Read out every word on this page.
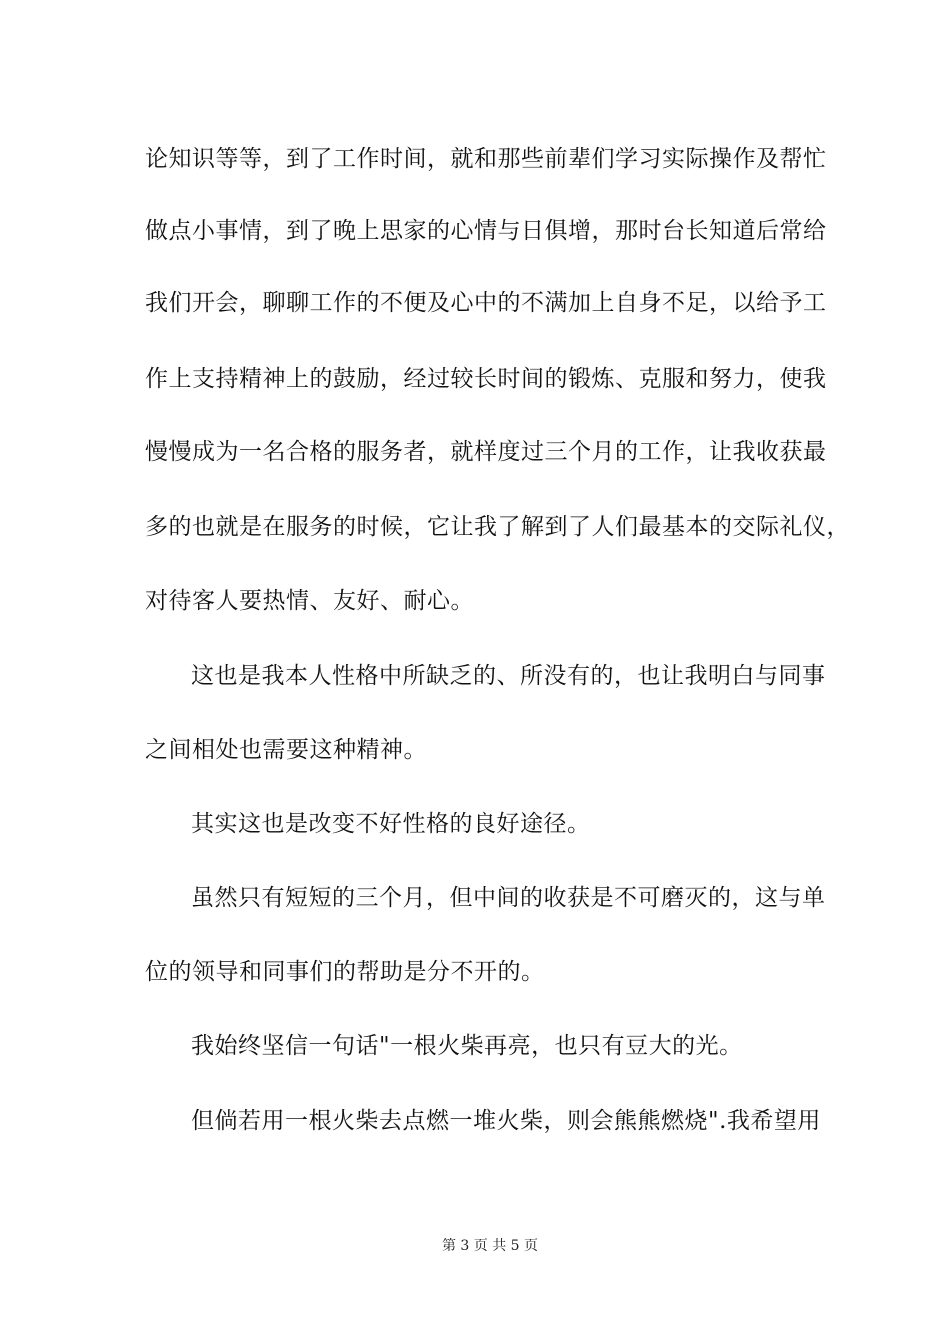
论知识等等，到了工作时间，就和那些前辈们学习实际操作及帮忙
做点小事情，到了晚上思家的心情与日俱增，那时台长知道后常给
我们开会，聊聊工作的不便及心中的不满加上自身不足，以给予工
作上支持精神上的鼓励，经过较长时间的锻炼、克服和努力，使我
慢慢成为一名合格的服务者，就样度过三个月的工作，让我收获最
多的也就是在服务的时候，它让我了解到了人们最基本的交际礼仪，
对待客人要热情、友好、耐心。
这也是我本人性格中所缺乏的、所没有的，也让我明白与同事
之间相处也需要这种精神。
其实这也是改变不好性格的良好途径。
虽然只有短短的三个月，但中间的收获是不可磨灭的，这与单
位的领导和同事们的帮助是分不开的。
我始终坚信一句话"一根火柴再亮，也只有豆大的光。
但倘若用一根火柴去点燃一堆火柴，则会熊熊燃烧".我希望用
第 3 页 共 5 页
